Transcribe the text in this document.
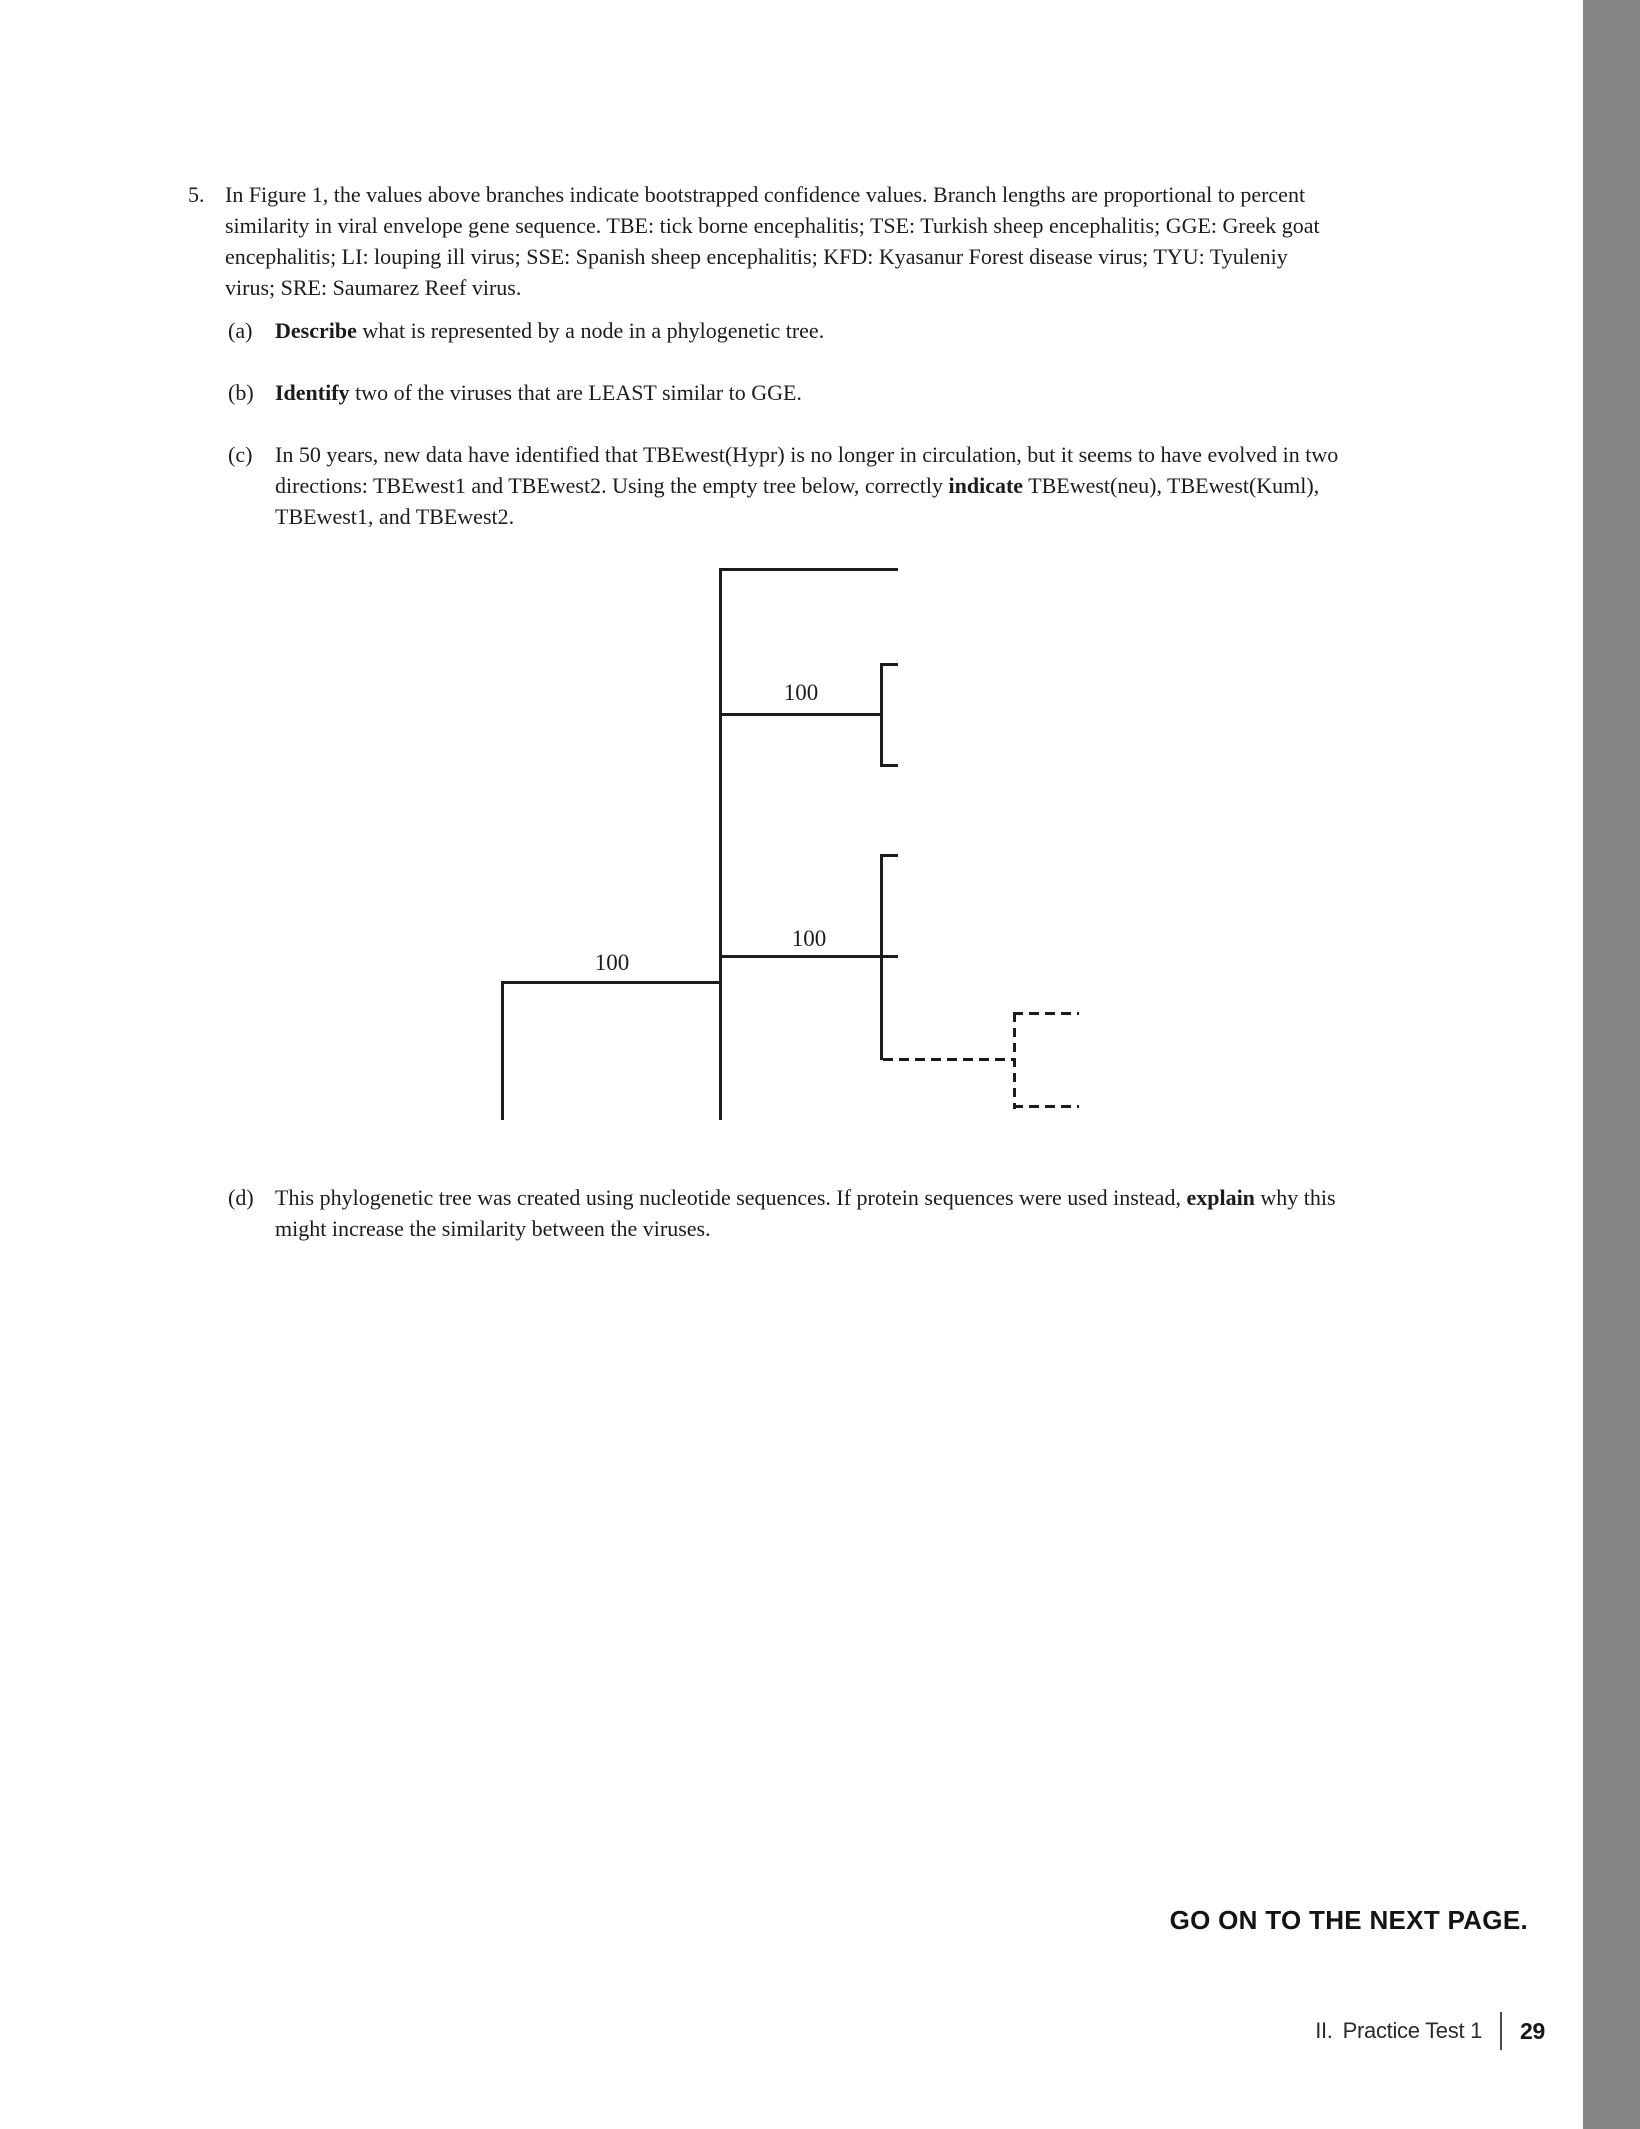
Section II
5. In Figure 1, the values above branches indicate bootstrapped confidence values. Branch lengths are proportional to percent
similarity in viral envelope gene sequence. TBE: tick borne encephalitis; TSE: Turkish sheep encephalitis; GGE: Greek goat
encephalitis; LI: louping ill virus; SSE: Spanish sheep encephalitis; KFD: Kyasanur Forest disease virus; TYU: Tyuleniy
virus; SRE: Saumarez Reef virus.
(a) Describe what is represented by a node in a phylogenetic tree.
(b) Identify two of the viruses that are LEAST similar to GGE.
(c) In 50 years, new data have identified that TBEwest(Hypr) is no longer in circulation, but it seems to have evolved in two
directions: TBEwest1 and TBEwest2. Using the empty tree below, correctly indicate TBEwest(neu), TBEwest(Kuml),
TBEwest1, and TBEwest2.
100
100
100
(d) This phylogenetic tree was created using nucleotide sequences. If protein sequences were used instead, explain why this
might increase the similarity between the viruses.
GO ON TO THE NEXT PAGE.
II. Practice Test 1 29
